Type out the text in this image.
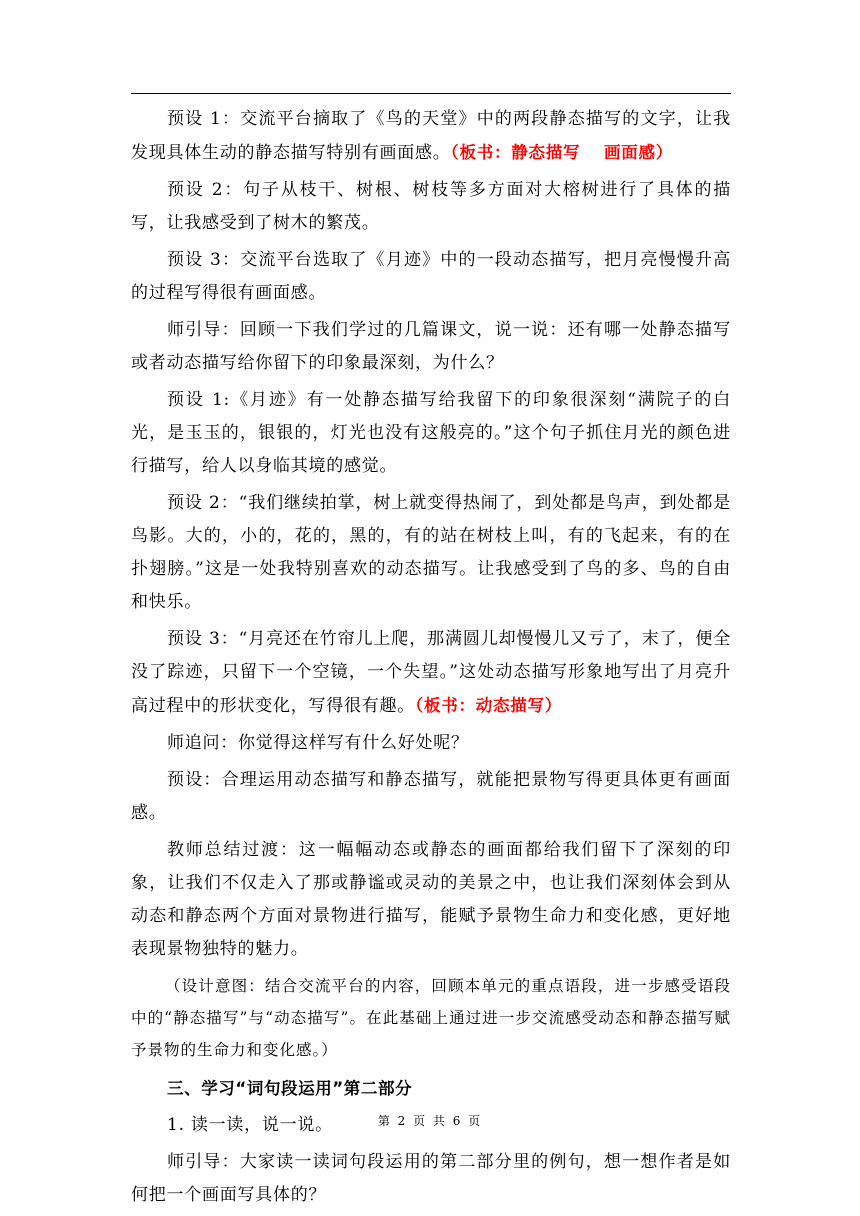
预设 1：交流平台摘取了《鸟的天堂》中的两段静态描写的文字，让我发现具体生动的静态描写特别有画面感。（板书：静态描写　 画面感）

预设 2：句子从枝干、树根、树枝等多方面对大榕树进行了具体的描写，让我感受到了树木的繁茂。

预设 3：交流平台选取了《月迹》中的一段动态描写，把月亮慢慢升高的过程写得很有画面感。

师引导：回顾一下我们学过的几篇课文，说一说：还有哪一处静态描写或者动态描写给你留下的印象最深刻，为什么？

预设 1:《月迹》有一处静态描写给我留下的印象很深刻“满院子的白光，是玉玉的，银银的，灯光也没有这般亮的。”这个句子抓住月光的颜色进行描写，给人以身临其境的感觉。

预设 2：“我们继续拍掌，树上就变得热闹了，到处都是鸟声，到处都是鸟影。大的，小的，花的，黑的，有的站在树枝上叫，有的飞起来，有的在扑翅膀。”这是一处我特别喜欢的动态描写。让我感受到了鸟的多、鸟的自由和快乐。

预设 3：“月亮还在竹帘儿上爬，那满圆儿却慢慢儿又亏了，末了，便全没了踪迹，只留下一个空镜，一个失望。”这处动态描写形象地写出了月亮升高过程中的形状变化，写得很有趣。（板书：动态描写）

师追问：你觉得这样写有什么好处呢？

预设：合理运用动态描写和静态描写，就能把景物写得更具体更有画面感。

教师总结过渡：这一幅幅动态或静态的画面都给我们留下了深刻的印象，让我们不仅走入了那或静谧或灵动的美景之中，也让我们深刻体会到从动态和静态两个方面对景物进行描写，能赋予景物生命力和变化感，更好地表现景物独特的魅力。

（设计意图：结合交流平台的内容，回顾本单元的重点语段，进一步感受语段中的“静态描写”与“动态描写”。在此基础上通过进一步交流感受动态和静态描写赋予景物的生命力和变化感。）

三、学习“词句段运用”第二部分

1. 读一读，说一说。

师引导：大家读一读词句段运用的第二部分里的例句，想一想作者是如何把一个画面写具体的？

第 2 页 共 6 页
